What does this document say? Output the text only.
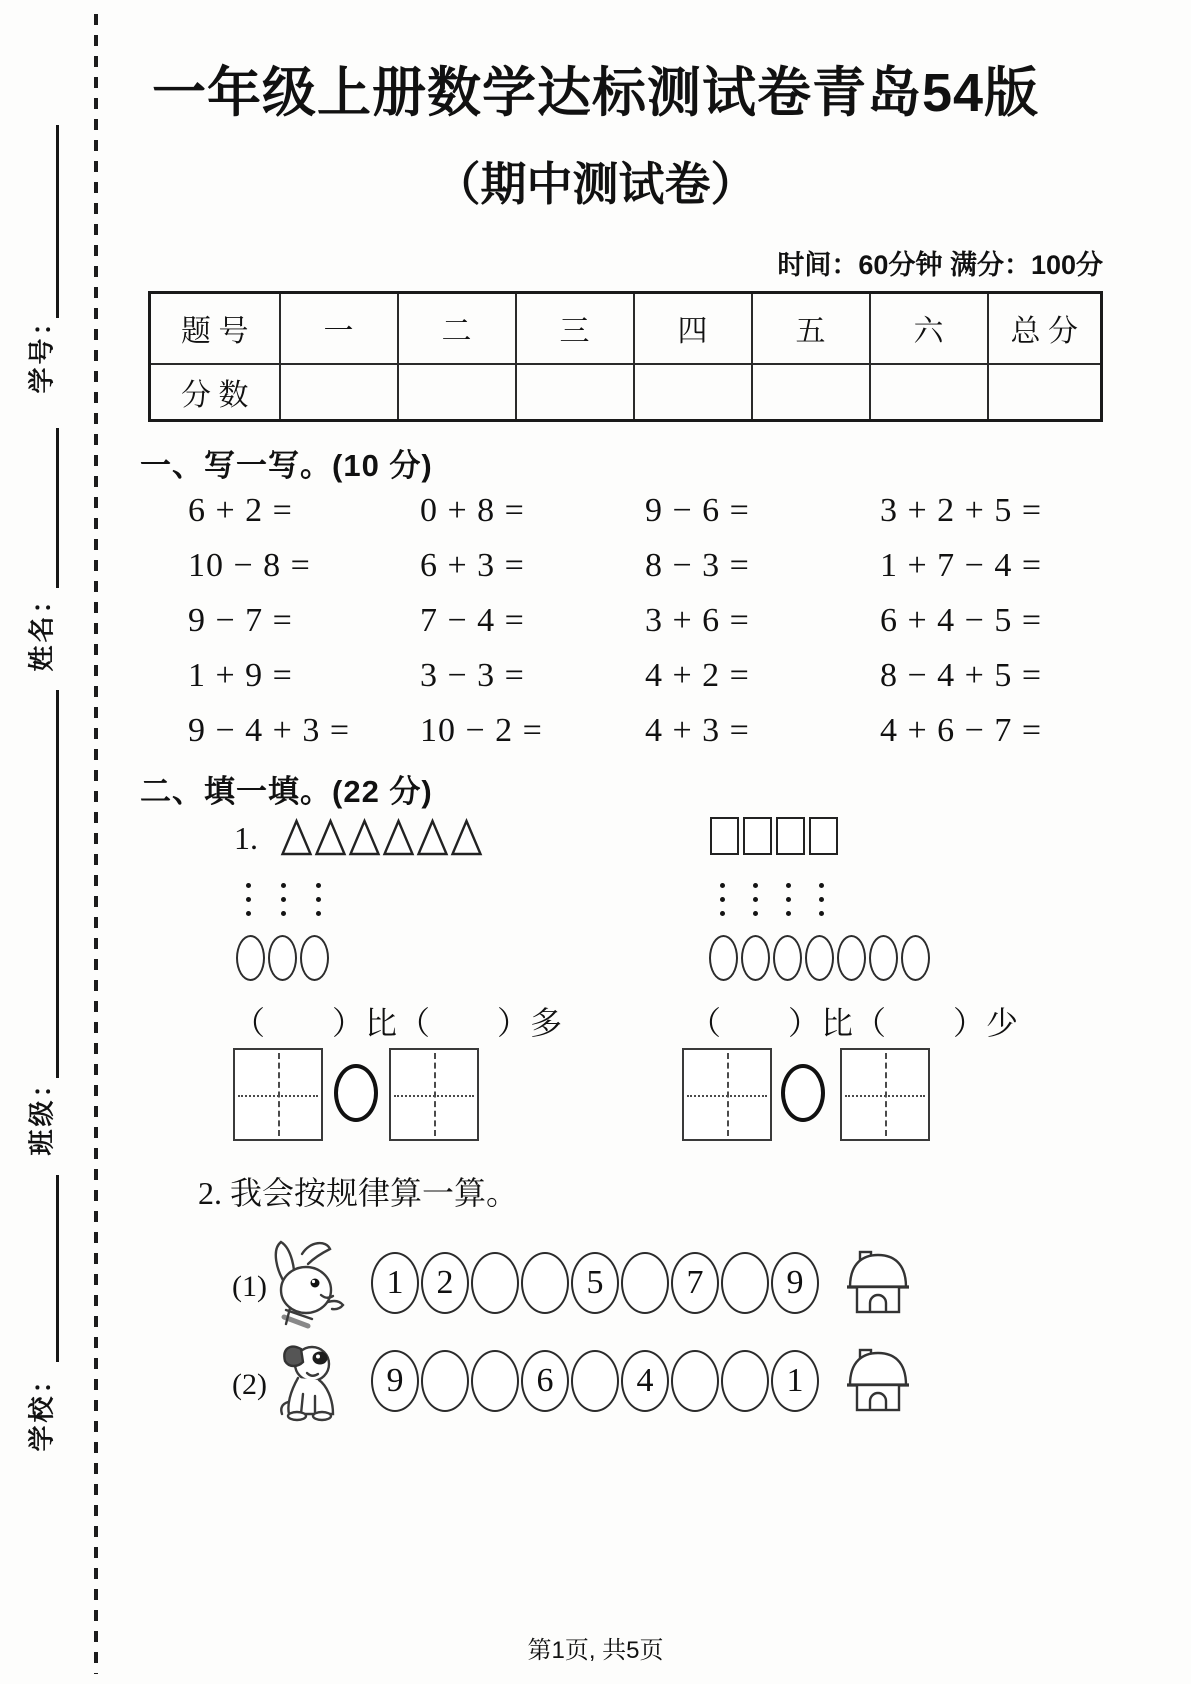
学号：
姓名：
班级：
学校：
一年级上册数学达标测试卷青岛54版
（期中测试卷）
时间：60分钟 满分：100分
题 号	一	二	三	四	五	六	总 分
分 数							
一、写一写。(10 分)
6 + 2 =	0 + 8 =	9 − 6 =	3 + 2 + 5 =
10 − 8 =	6 + 3 =	8 − 3 =	1 + 7 − 4 =
9 − 7 =	7 − 4 =	3 + 6 =	6 + 4 − 5 =
1 + 9 =	3 − 3 =	4 + 2 =	8 − 4 + 5 =
9 − 4 + 3 =	10 − 2 =	4 + 3 =	4 + 6 − 7 =
二、填一填。(22 分)
1.
（　　）比（　　）多	（　　）比（　　）少
2. 我会按规律算一算。
(1)	1 2	5	7	9
(2)	9	6	4	1
第1页, 共5页
